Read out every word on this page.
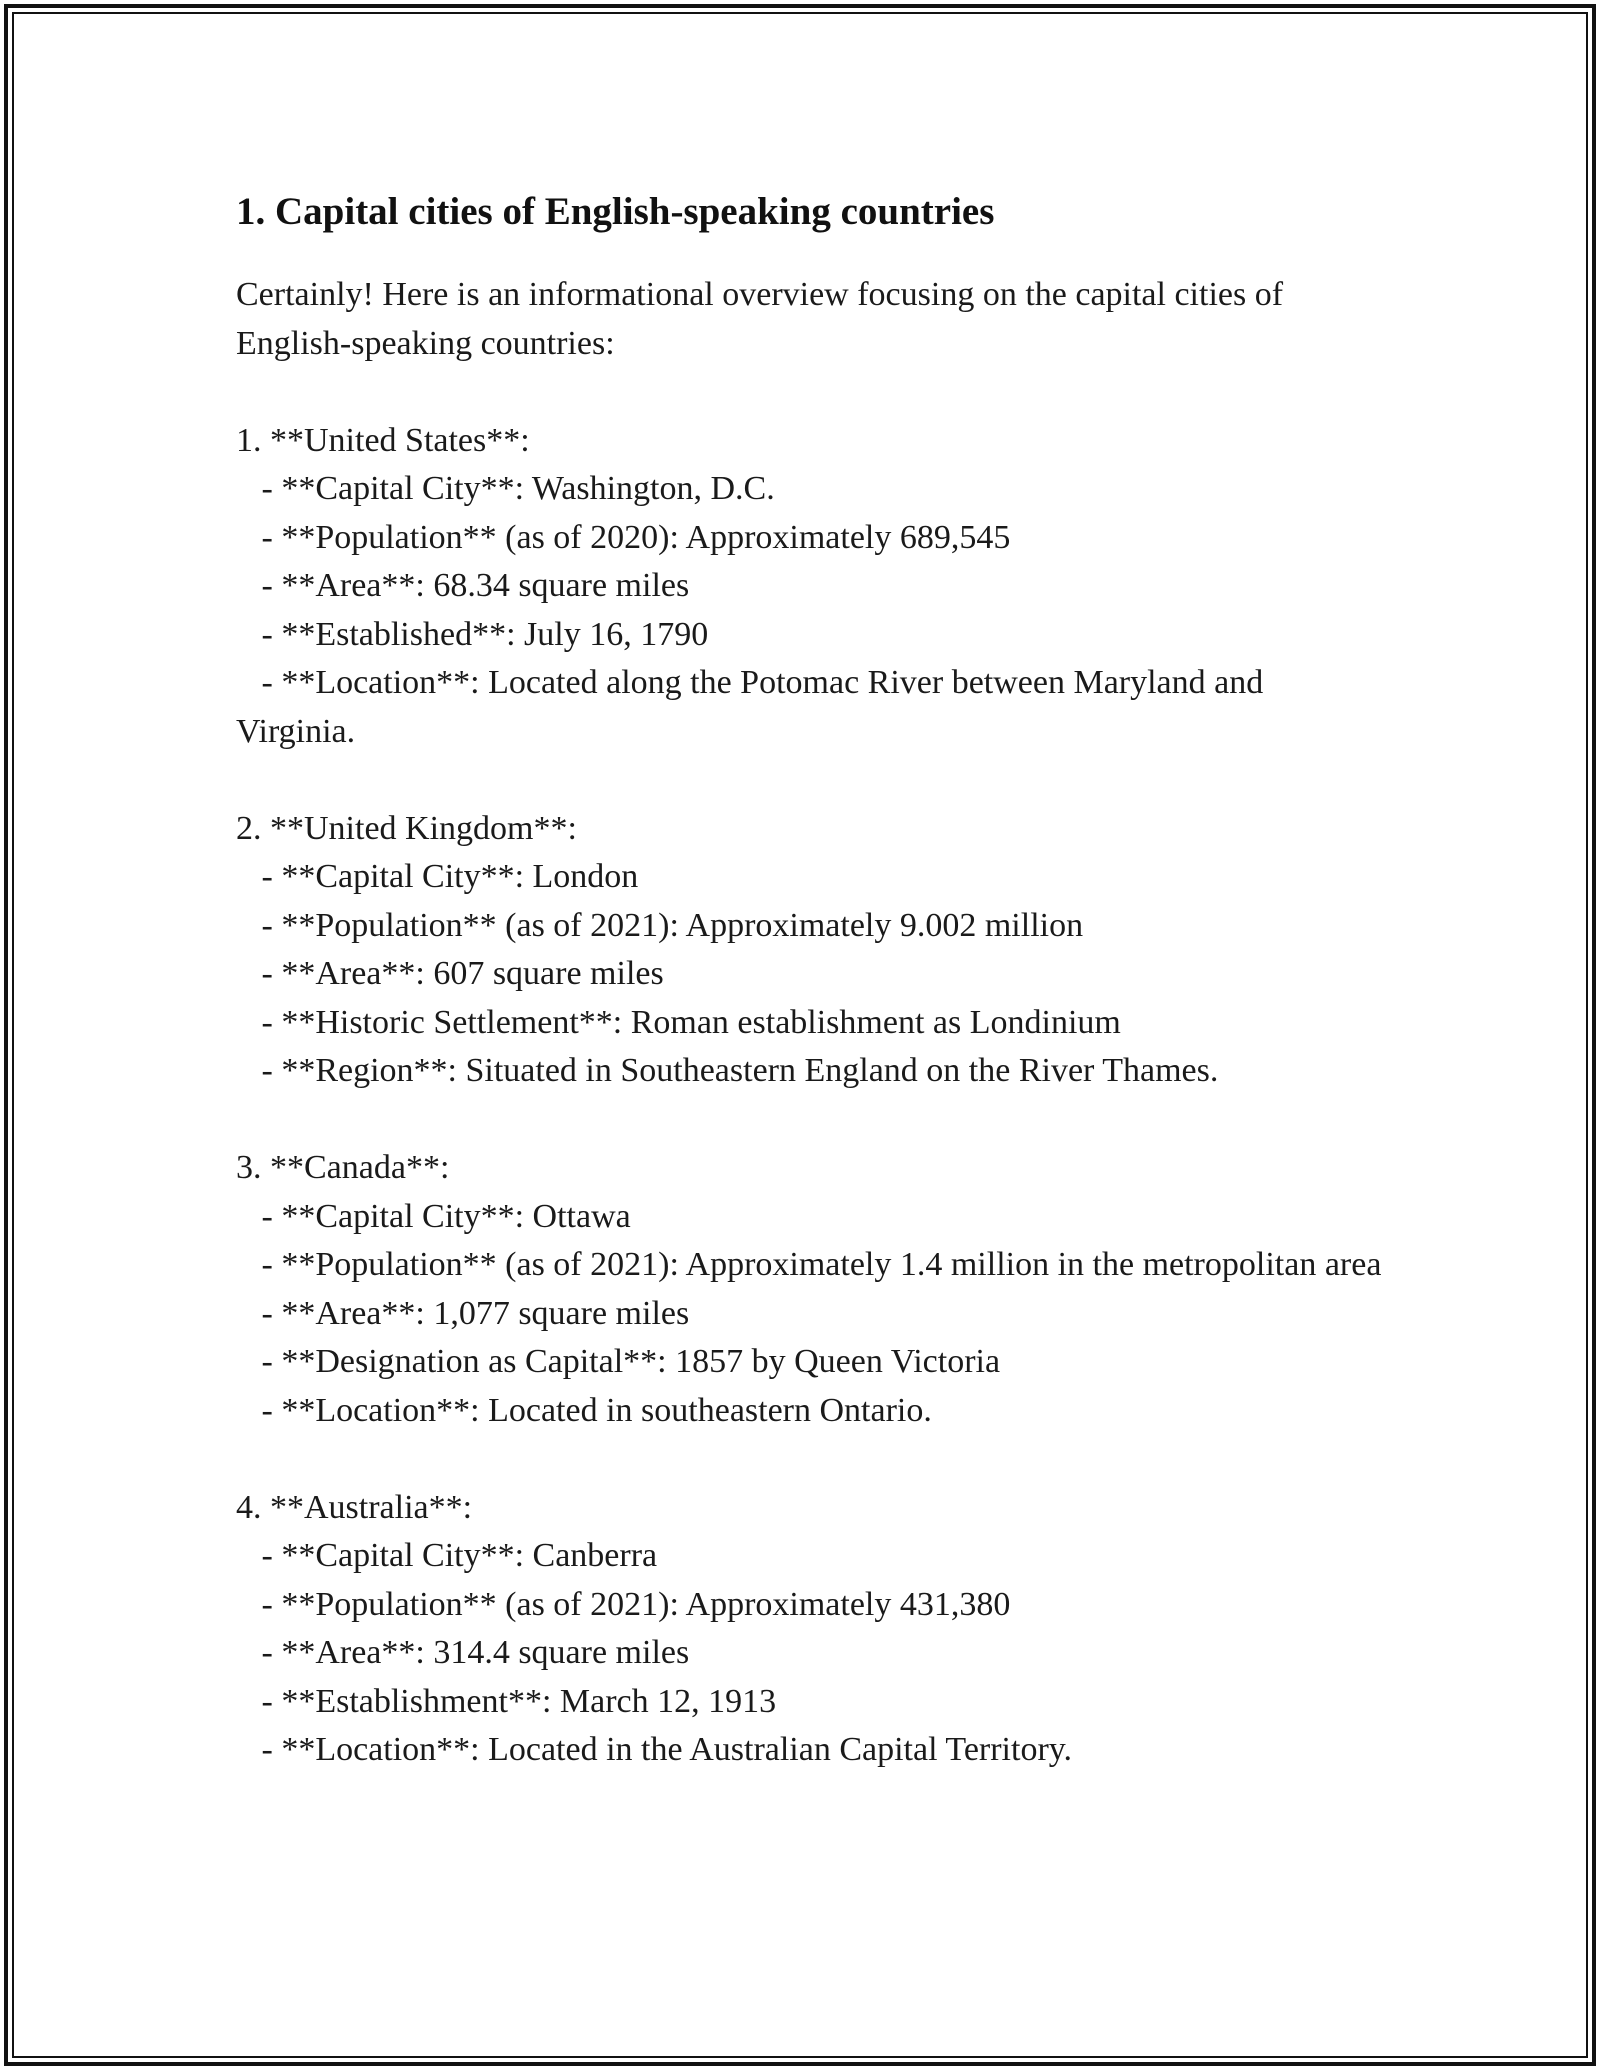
1. Capital cities of English-speaking countries

Certainly! Here is an informational overview focusing on the capital cities of English-speaking countries:

1. **United States**:
- **Capital City**: Washington, D.C.
- **Population** (as of 2020): Approximately 689,545
- **Area**: 68.34 square miles
- **Established**: July 16, 1790
- **Location**: Located along the Potomac River between Maryland and Virginia.
2. **United Kingdom**:
- **Capital City**: London
- **Population** (as of 2021): Approximately 9.002 million
- **Area**: 607 square miles
- **Historic Settlement**: Roman establishment as Londinium
- **Region**: Situated in Southeastern England on the River Thames.
3. **Canada**:
- **Capital City**: Ottawa
- **Population** (as of 2021): Approximately 1.4 million in the metropolitan area
- **Area**: 1,077 square miles
- **Designation as Capital**: 1857 by Queen Victoria
- **Location**: Located in southeastern Ontario.
4. **Australia**:
- **Capital City**: Canberra
- **Population** (as of 2021): Approximately 431,380
- **Area**: 314.4 square miles
- **Establishment**: March 12, 1913
- **Location**: Located in the Australian Capital Territory.
